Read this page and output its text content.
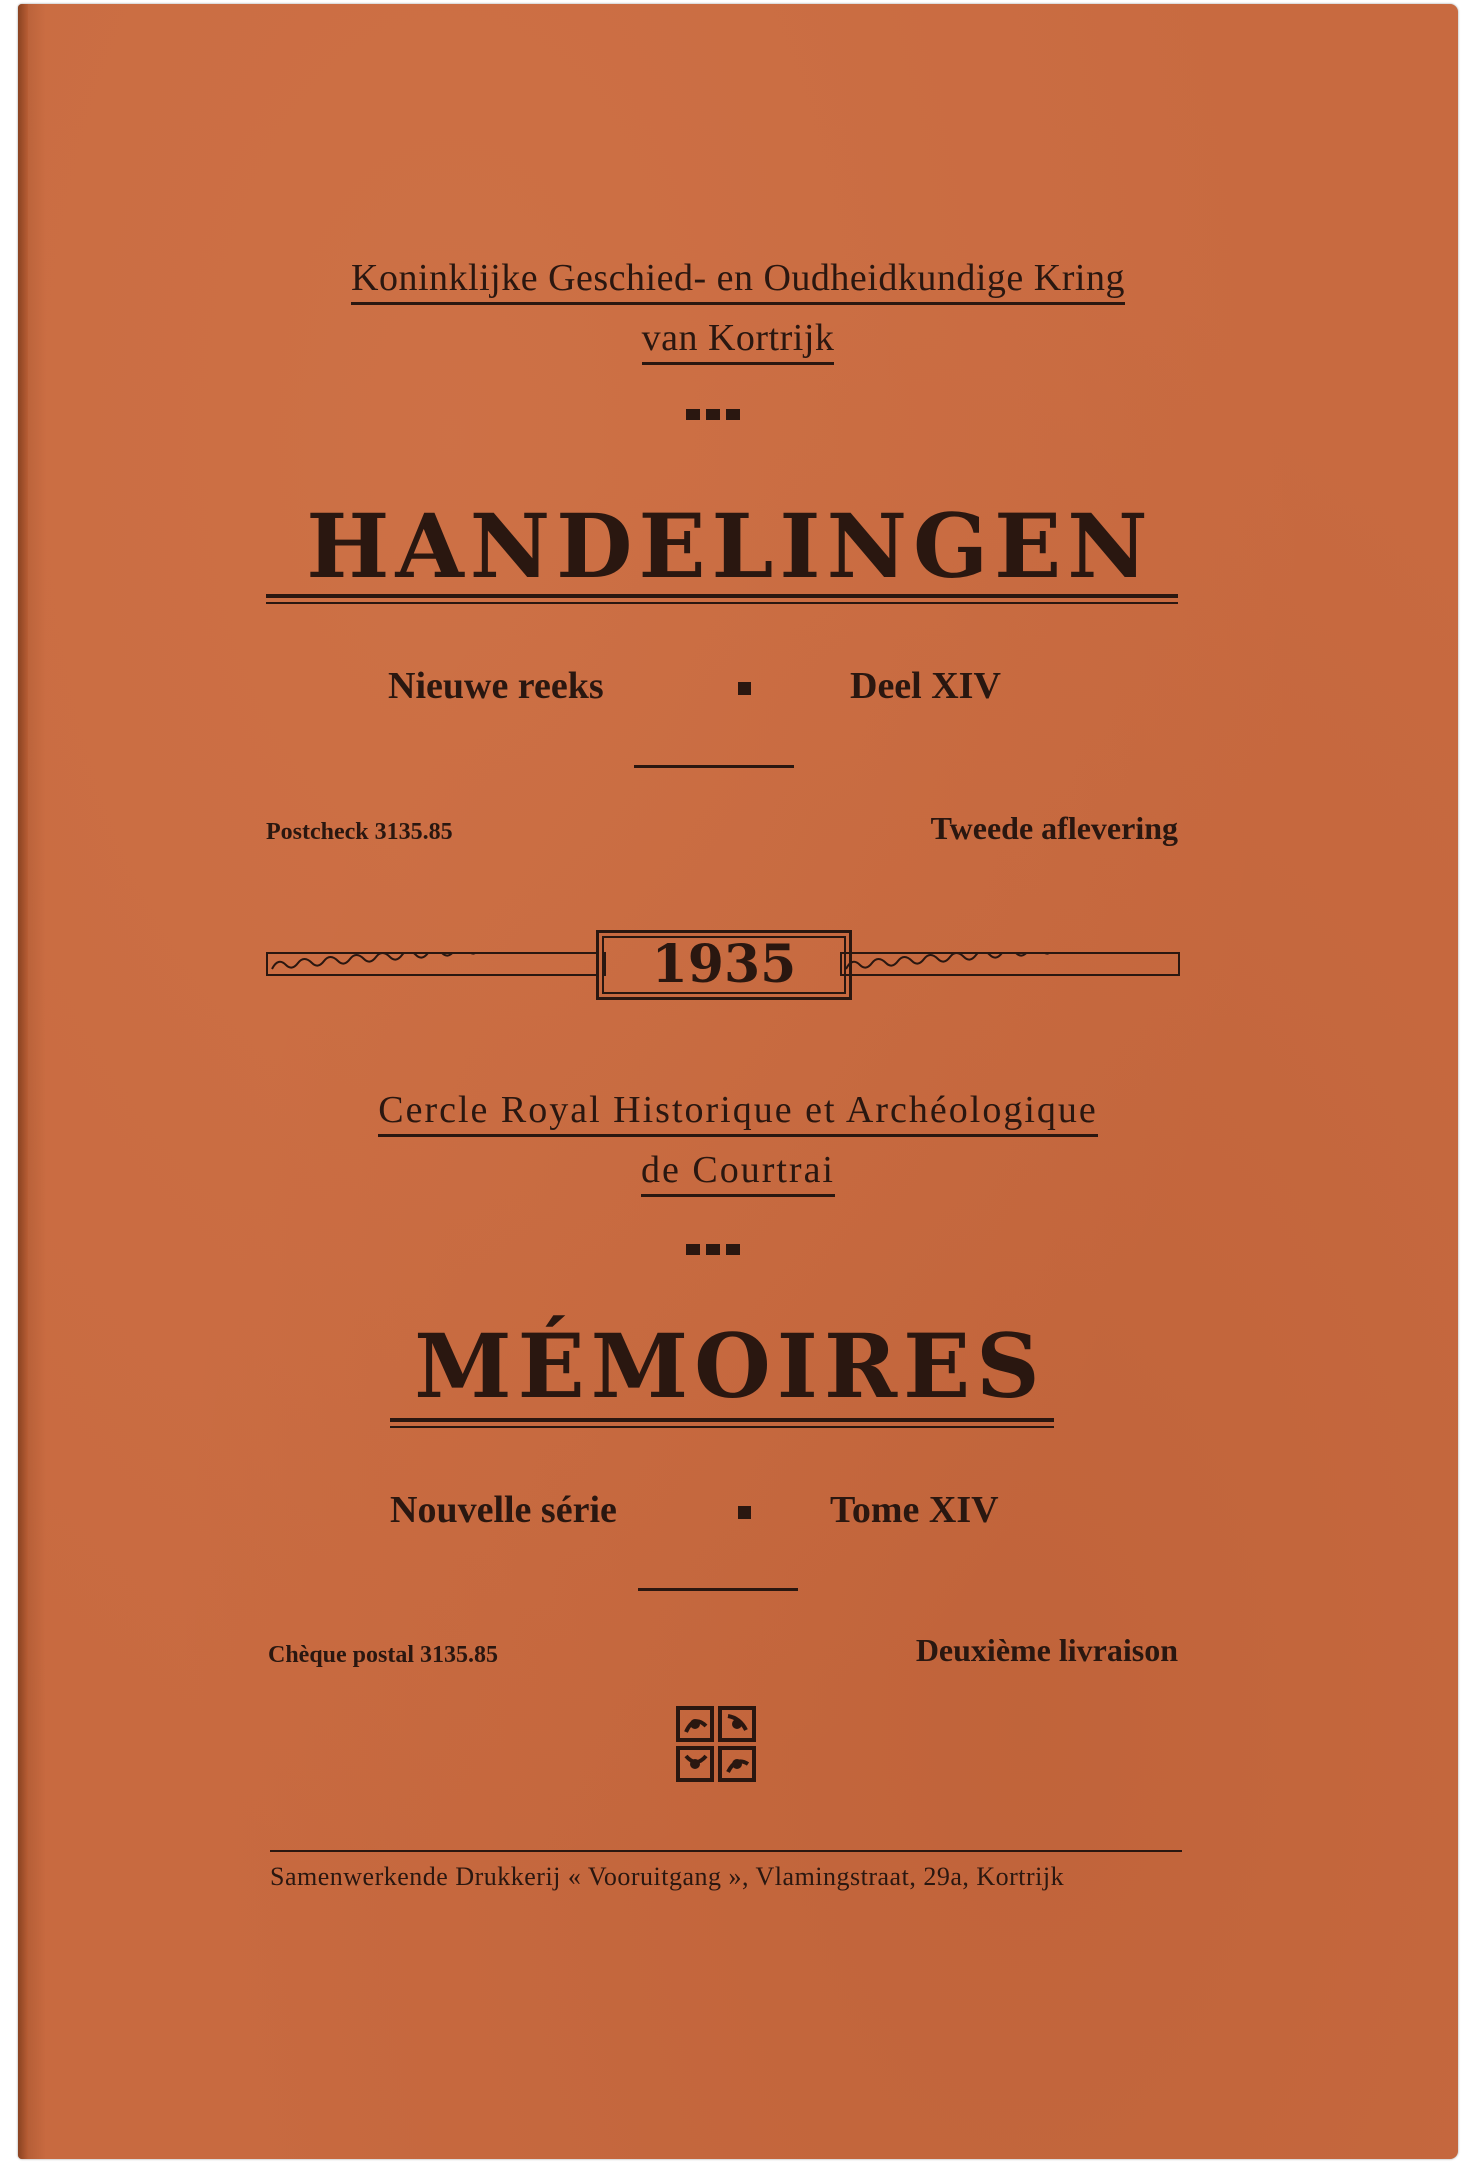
Koninklijke Geschied- en Oudheidkundige Kring
van Kortrijk
HANDELINGEN
Nieuwe reeks	Deel XIV
Postcheck 3135.85	Tweede aflevering
1935
Cercle Royal Historique et Archéologique
de Courtrai
MÉMOIRES
Nouvelle série	Tome XIV
Chèque postal 3135.85	Deuxième livraison
Samenwerkende Drukkerij « Vooruitgang », Vlamingstraat, 29a, Kortrijk
